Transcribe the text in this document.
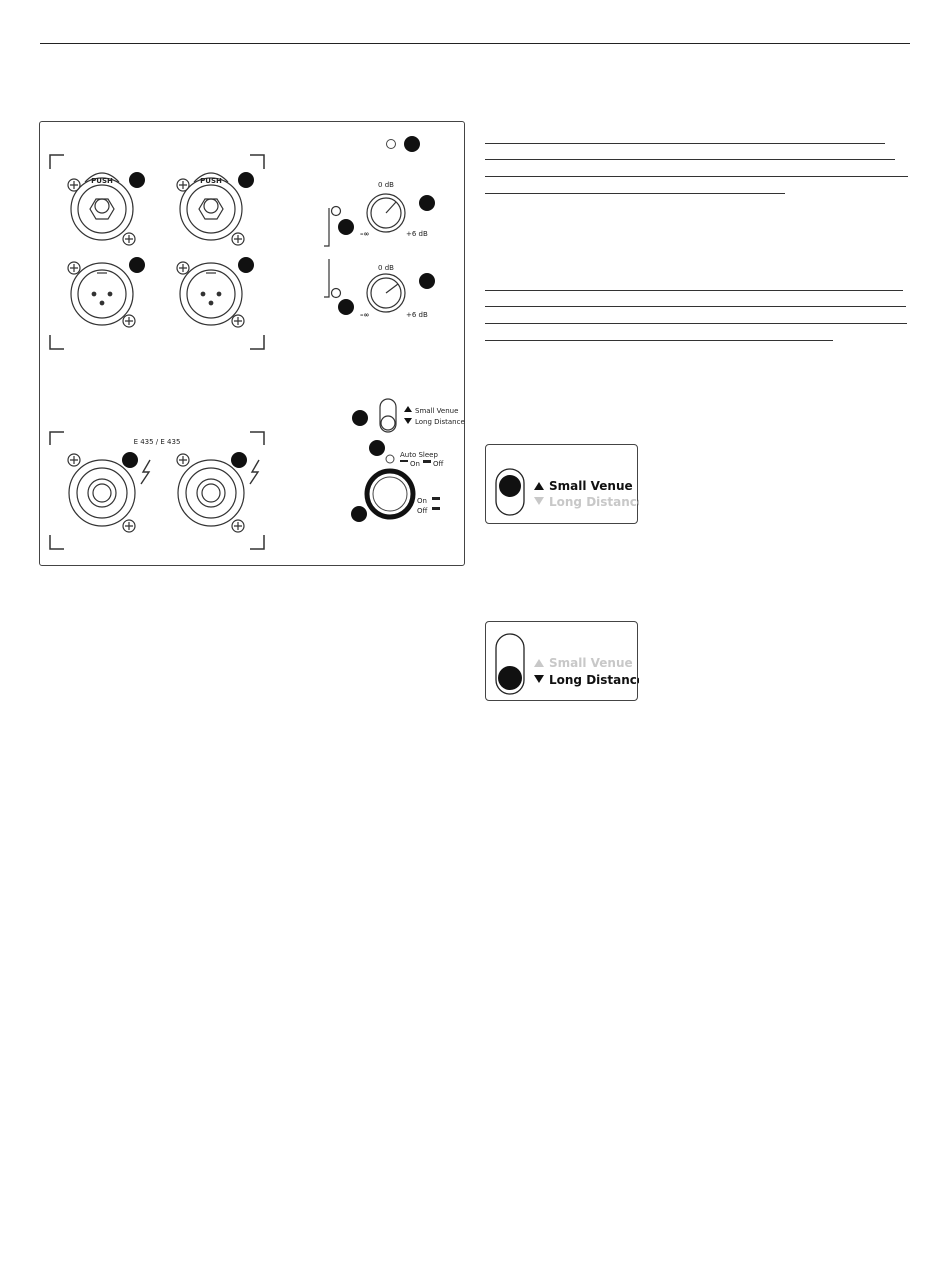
PUSH	PUSH
E 435 / E 435
0 dB
–∞	+6 dB
0 dB
–∞	+6 dB
Small Venue
Long Distance
Auto Sleep
On Off
On
Off
Small Venue
Long Distance
Small Venue
Long Distance
